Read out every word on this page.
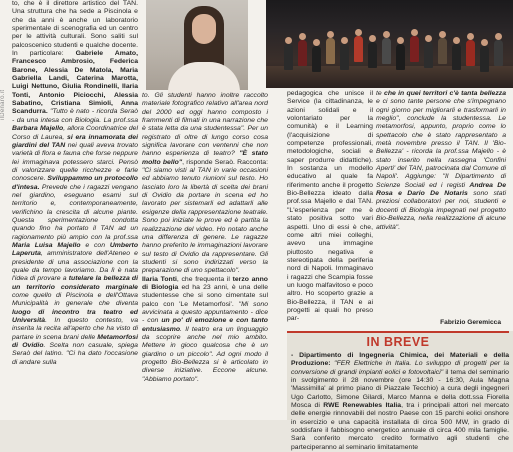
ilDenaro.it

to, che è il direttore artistico del TAN. Una struttura che ha sede a Piscinola e che da anni è anche un laboratorio sperimentale di scenografia ed un centro per le attività culturali. Sono saliti sul palcoscenico studenti e qualche docente. In particolare: Gabriele Amato, Francesco Ambrosio, Federica Barone, Alessia De Matola, Maria Gabriella Landi, Caterina Marotta, Luigi Nettuno, Giulia Rondinelli, Ilaria Tonti, Antonio Piciocchi, Alessia Sabatino, Cristiana Simioli, Anna Scandurra. "Tutto è nato - ricorda Seraò - da una intesa con Biologia. La prof.ssa Barbara Majello, allora Coordinatrice del Corso di Laurea, si era innamorata dei giardini del TAN nei quali aveva trovato varietà di flora e fauna che forse neppure lei immaginava potessero starci. Pensò di valorizzare quelle ricchezze e farle conoscere. Sviluppammo un protocollo d'intesa. Prevede che i ragazzi vengano nel giardino, eseguano esami sul territorio e, contemporaneamente, verifichino la crescita di alcune piante. Questa sperimentazione condotta quando fino ha portato il TAN ad un ragionamento più ampio con la prof.ssa Maria Luisa Majello e con Umberto Laperuta, amministratore dell'Ateneo e presidente di una associazione con la quale da tempo lavoriamo. Da lì è nata l'idea di provare a tutelare la bellezza di un territorio considerato marginale come quello di Piscinola e dell'Ottava Municipalità in generale che diventa luogo di incontro tra teatro ed Università. In questo contesto, va inserita la recita all'aperto che ha visto di partare in scena brani delle Metamorfosi di Ovidio. Scelta non casuale, spiega Seraò del latino. "Ci ha dato l'occasione di andare sulla

to. Gli studenti hanno inoltre raccolto materiale fotografico relativo all'area nord del 2000 ed oggi hanno composto i frammenti di filmati in una narrazione che è stata letta da una studentessa". Per un registrato di oltre di lungo corso cosa significa lavorare con ventenni che non hanno esperienza di teatro? "È stato molto bello", risponde Seraò. Racconta: "Ci siamo visti al TAN in varie occasioni ed abbiamo tenuto riunioni sul testo. Ho lasciato loro la libertà di scelta dei brani di Ovidio da portare in scena ed ho lavorato per sistemarli ed adattarli alle esigenze della rappresentazione teatrale. Sono poi iniziate le prove ed è partita la realizzazione del video. Ho notato anche una differenza di genere. Le ragazze hanno preferito le immaginazioni lavorare sul testo di Ovidio da rappresentare. Gli studenti si sono indirizzati verso la preparazione di uno spettacolo".

Ilaria Tonti, che frequenta il terzo anno di Biologia ed ha 23 anni, è una delle studentesse che si sono cimentate sul palco con 'Le Metamorfosi'. "Mi sono avvicinata a questo appuntamento - dice - con un po' di emozione e con tanto entusiasmo. Il teatro era un linguaggio da scoprire anche nel mio ambito. Mettere in gioco qualcosa che è un giardino o un piccolo". Ad ogni modo il progetto Bio-Bellezza si è articolato in diverse iniziative. Eccone alcune. "Abbiamo portato".

pedagogica che unisce il Service (la cittadinanza, le azioni solidali e il volontariato per la comunità) e il Learning (l'acquisizione di competenze professionali, metodologiche, sociali e saper produrre didattiche). In sostanza un modello educativo al quale fa riferimento anche il progetto Bio-Bellezza ideato dalla prof.ssa Majello e dal TAN. "L'esperienza per me è stato positiva sotto vari aspetti. Uno di essi è che, come altri miei colleghi, avevo una immagine piuttosto negativa e stereotipata della periferia nord di Napoli. Immaginavo i ragazzi che Scampia fosse un luogo malfavitoso e poco altro. Ho scoperto grazie a Bio-Bellezza, il TAN e ai progetti ai quali ho preso par-

te che in quei territori c'è tanta bellezza e ci sono tante persone che s'impegnano ogni giorno per migliorarli e trasformarli in meglio", conclude la studentessa. Le metamorfosi, appunto, proprio come lo spettacolo che è stato rappresentato a metà novembre presso il TAN. Il 'Bio-Bellezza' - ricorda la prof.ssa Majello - è stato inserito nella rassegna 'Confini Aperti' del TAN, patrocinata dal Comune di Napoli'. Aggiunge: "Il Dipartimento di Scienze Sociali ed i registi Andrea De Rosa e Dario De Notaris sono stati preziosi collaboratori per noi, studenti e docenti di Biologia impegnati nel progetto Bio-Bellezza, nella realizzazione di alcune attività".

Fabrizio Geremicca
IN BREVE
- Dipartimento di Ingegneria Chimica, dei Materiali e della Produzione: "FER Elettriche in Italia. Lo sviluppo di progetti per la conversione di grandi impianti eolici e fotovoltaici" il tema del seminario in svolgimento il 28 novembre (ore 14:30 - 16:30, Aula Magna 'Massimilla' al primo piano di Piazzale Tecchio) a cura degli ingegneri Ugo Carlotto, Simone Gilardi, Marco Manna e della dott.ssa Fiorella Mosca di RWE Renewables Italia, tra i principali attori nel mercato delle energie rinnovabili del nostro Paese con 15 parchi eolici onshore in esercizio e una capacità installata di circa 500 MW, in grado di soddisfare il fabbisogno energetico annuale di circa 400 mila famiglie. Sarà conferito mercato credito formativo agli studenti che parteciperanno al seminario limitatamente
